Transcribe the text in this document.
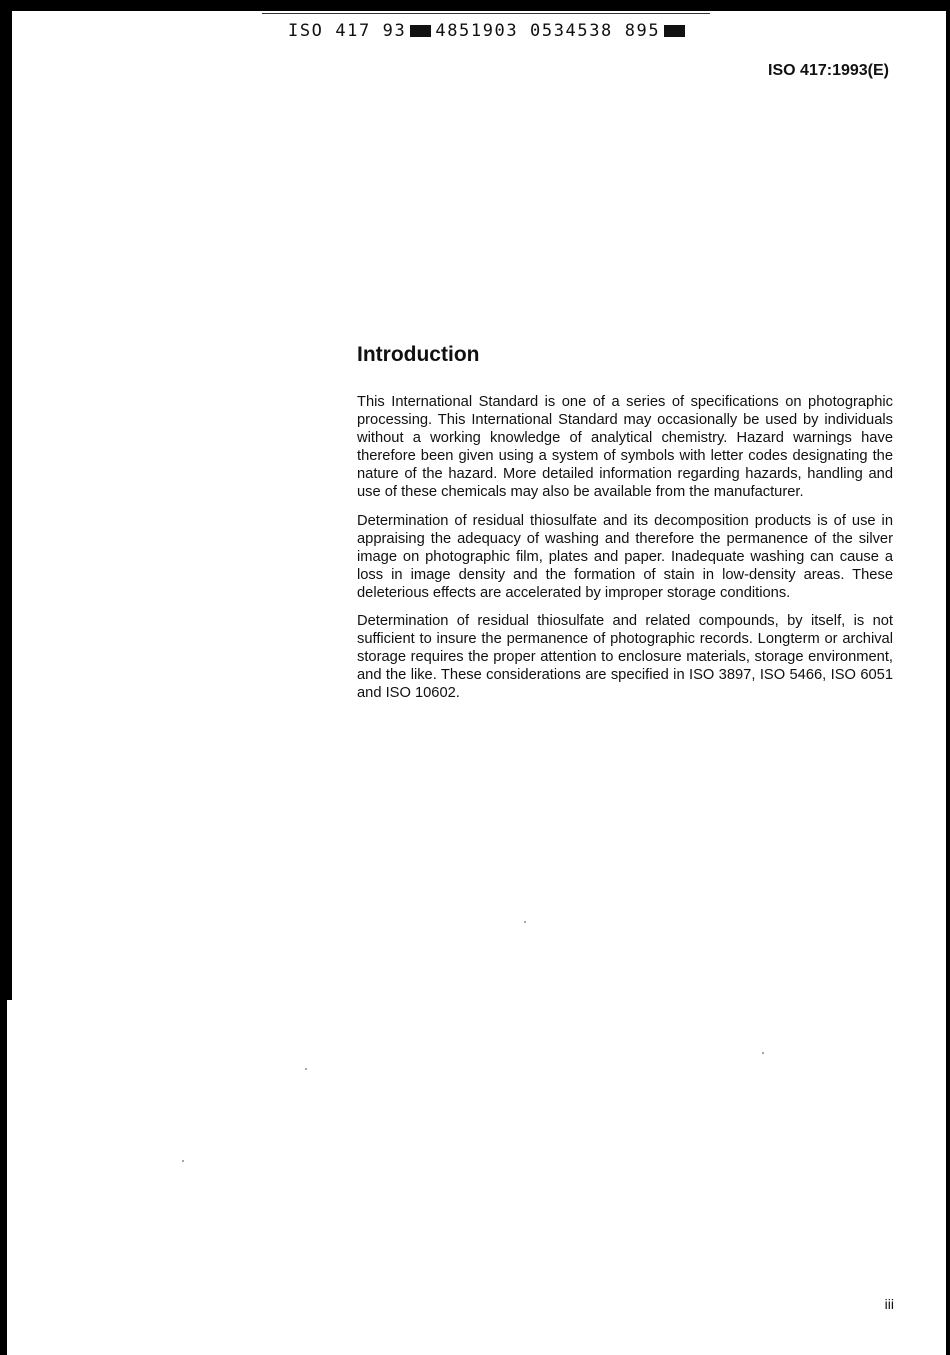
ISO 417 93 4851903 0534538 895
ISO 417:1993(E)
Introduction

This International Standard is one of a series of specifications on photographic processing. This International Standard may occasionally be used by individuals without a working knowledge of analytical chemistry. Hazard warnings have therefore been given using a system of symbols with letter codes designating the nature of the hazard. More detailed information regarding hazards, handling and use of these chemicals may also be available from the manufacturer.

Determination of residual thiosulfate and its decomposition products is of use in appraising the adequacy of washing and therefore the permanence of the silver image on photographic film, plates and paper. Inadequate washing can cause a loss in image density and the formation of stain in low-density areas. These deleterious effects are accelerated by improper storage conditions.

Determination of residual thiosulfate and related compounds, by itself, is not sufficient to insure the permanence of photographic records. Longterm or archival storage requires the proper attention to enclosure materials, storage environment, and the like. These considerations are specified in ISO 3897, ISO 5466, ISO 6051 and ISO 10602.

iii
